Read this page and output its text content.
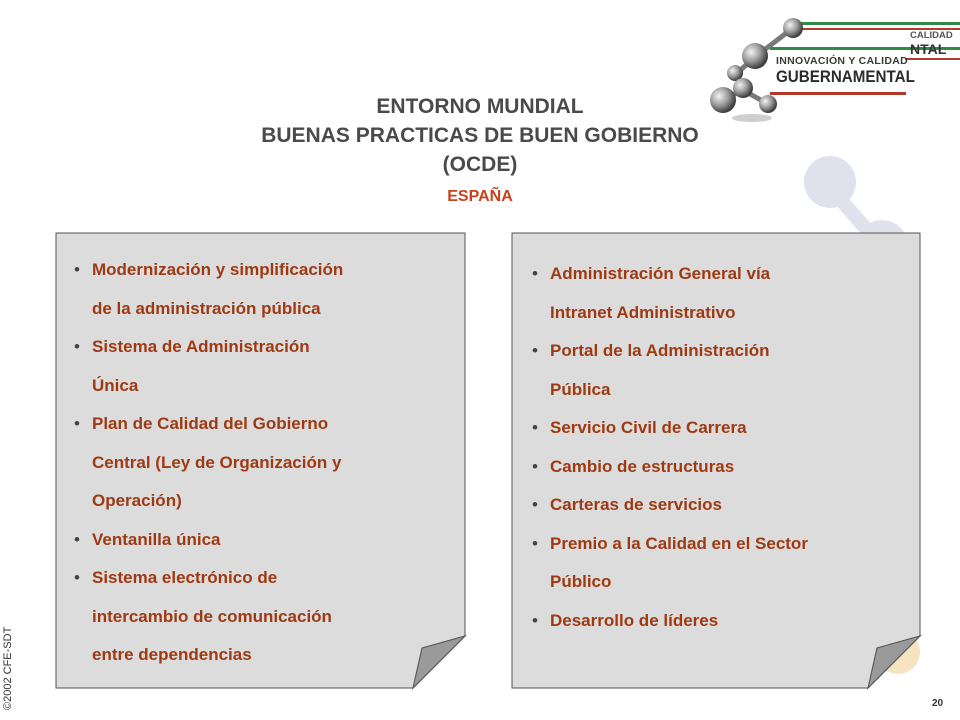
CALIDAD
NTAL
INNOVACIÓN Y CALIDAD
GUBERNAMENTAL
ENTORNO MUNDIAL
BUENAS PRACTICAS DE BUEN GOBIERNO
(OCDE)
ESPAÑA
• Modernización y simplificación
de la administración pública
• Sistema de Administración
Única
• Plan de Calidad del Gobierno
Central (Ley de Organización y
Operación)
• Ventanilla única
• Sistema electrónico de
intercambio de comunicación
entre dependencias
• Administración General vía
Intranet Administrativo
• Portal de la Administración
Pública
• Servicio Civil de Carrera
• Cambio de estructuras
• Carteras de servicios
• Premio a la Calidad en el Sector
Público
• Desarrollo de líderes
©2002 CFE-SDT	20
